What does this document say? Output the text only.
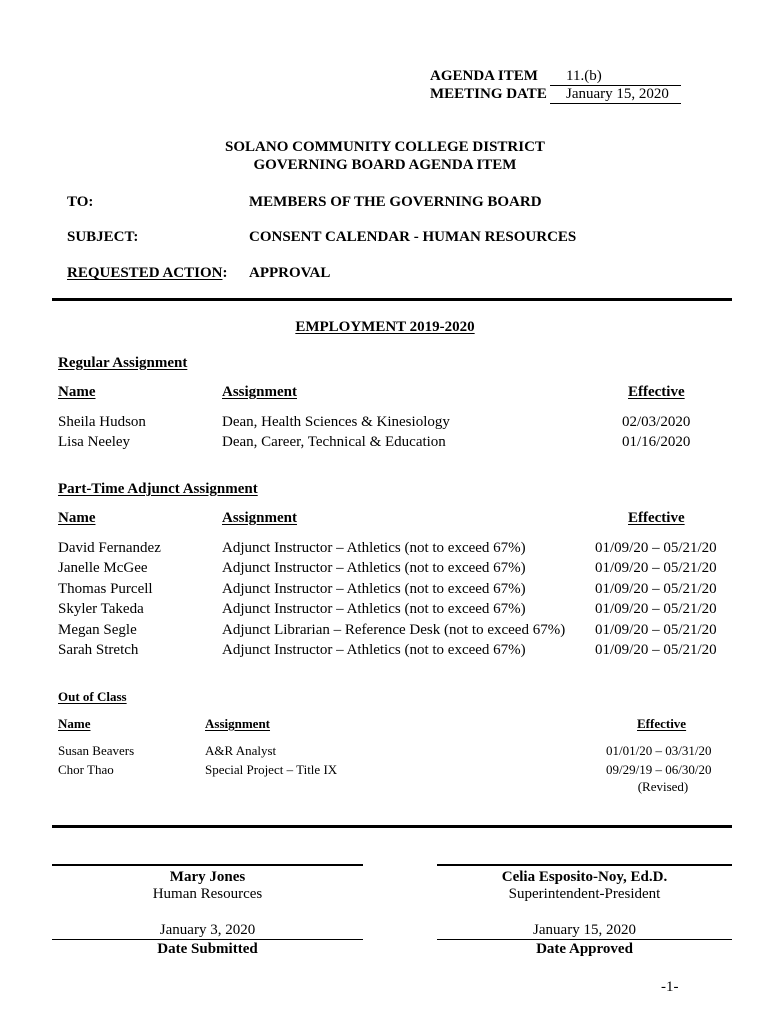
AGENDA ITEM 11.(b)
MEETING DATE January 15, 2020
SOLANO COMMUNITY COLLEGE DISTRICT
GOVERNING BOARD AGENDA ITEM
TO:	MEMBERS OF THE GOVERNING BOARD
SUBJECT:	CONSENT CALENDAR - HUMAN RESOURCES
REQUESTED ACTION: APPROVAL
EMPLOYMENT 2019-2020
Regular Assignment
Name	Assignment	Effective
Sheila Hudson	Dean, Health Sciences & Kinesiology	02/03/2020
Lisa Neeley	Dean, Career, Technical & Education	01/16/2020
Part-Time Adjunct Assignment
Name	Assignment	Effective
David Fernandez	Adjunct Instructor – Athletics (not to exceed 67%)	01/09/20 – 05/21/20
Janelle McGee	Adjunct Instructor – Athletics (not to exceed 67%)	01/09/20 – 05/21/20
Thomas Purcell	Adjunct Instructor – Athletics (not to exceed 67%)	01/09/20 – 05/21/20
Skyler Takeda	Adjunct Instructor – Athletics (not to exceed 67%)	01/09/20 – 05/21/20
Megan Segle	Adjunct Librarian – Reference Desk (not to exceed 67%) 01/09/20 – 05/21/20
Sarah Stretch	Adjunct Instructor – Athletics (not to exceed 67%)	01/09/20 – 05/21/20
Out of Class
Name	Assignment	Effective
Susan Beavers	A&R Analyst	01/01/20 – 03/31/20
Chor Thao	Special Project – Title IX	09/29/19 – 06/30/20
(Revised)
Mary Jones
Human Resources
January 3, 2020
Date Submitted
Celia Esposito-Noy, Ed.D.
Superintendent-President
January 15, 2020
Date Approved
-1-
